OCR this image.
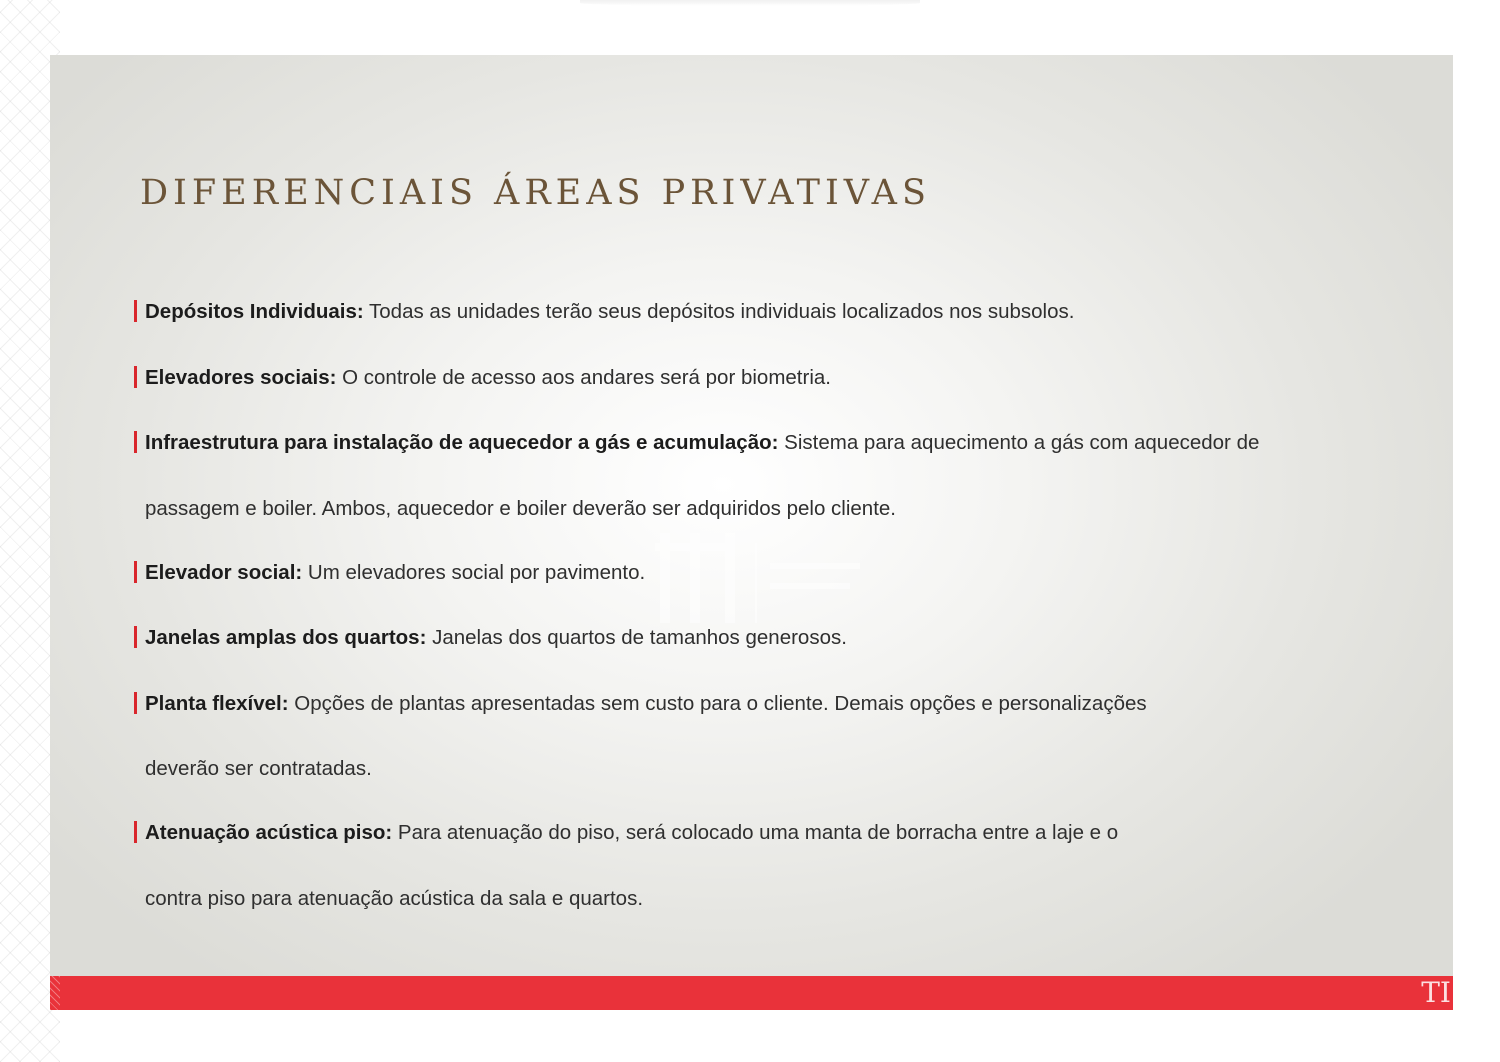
DIFERENCIAIS ÁREAS PRIVATIVAS
Depósitos Individuais: Todas as unidades terão seus depósitos individuais localizados nos subsolos.
Elevadores sociais: O controle de acesso aos andares será por biometria.
Infraestrutura para instalação de aquecedor a gás e acumulação: Sistema para aquecimento a gás com aquecedor de
passagem e boiler. Ambos, aquecedor e boiler deverão ser adquiridos pelo cliente.
Elevador social: Um elevadores social por pavimento.
Janelas amplas dos quartos: Janelas dos quartos de tamanhos generosos.
Planta flexível: Opções de plantas apresentadas sem custo para o cliente. Demais opções e personalizações
deverão ser contratadas.
Atenuação acústica piso: Para atenuação do piso, será colocado uma manta de borracha entre a laje e o
contra piso para atenuação acústica da sala e quartos.
TI
